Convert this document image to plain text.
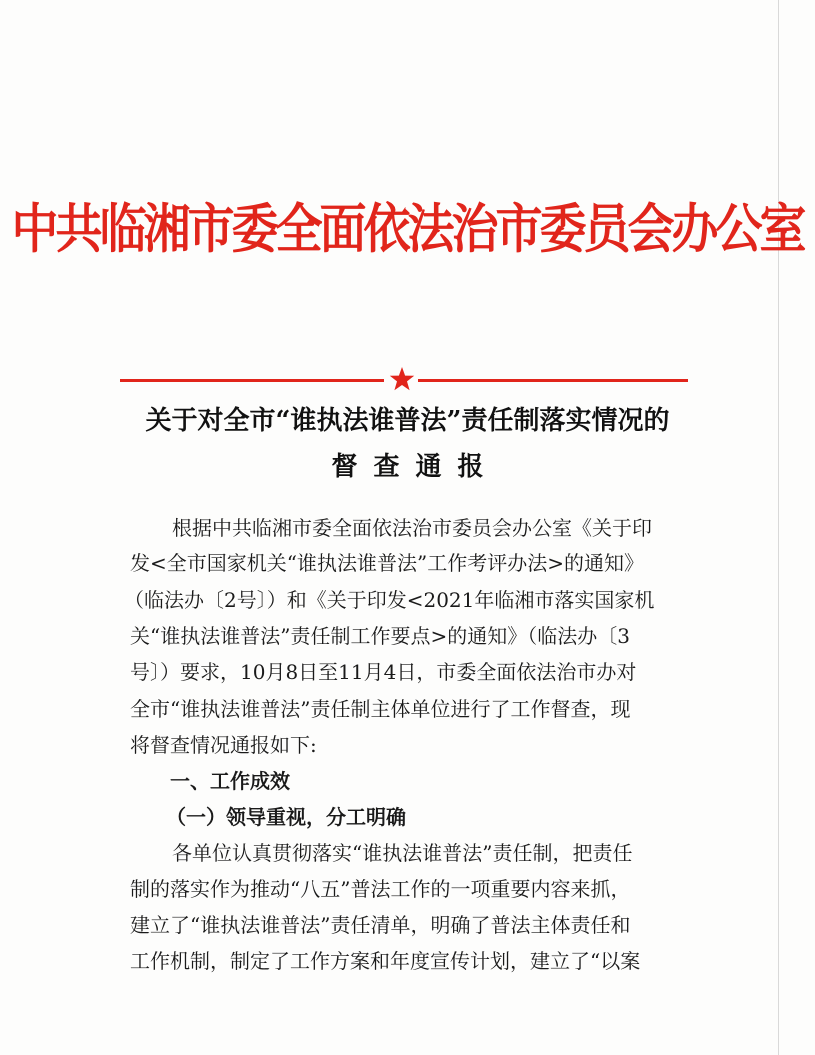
中共临湘市委全面依法治市委员会办公室
关于对全市“谁执法谁普法”责任制落实情况的
督查通报
根据中共临湘市委全面依法治市委员会办公室《关于印
发<全市国家机关“谁执法谁普法”工作考评办法>的通知》
（临法办〔2号〕）和《关于印发<2021年临湘市落实国家机
关“谁执法谁普法”责任制工作要点>的通知》（临法办〔3
号〕）要求，10月8日至11月4日，市委全面依法治市办对
全市“谁执法谁普法”责任制主体单位进行了工作督查，现
将督查情况通报如下:
一、工作成效
（一）领导重视，分工明确
各单位认真贯彻落实“谁执法谁普法”责任制，把责任
制的落实作为推动“八五”普法工作的一项重要内容来抓，
建立了“谁执法谁普法”责任清单，明确了普法主体责任和
工作机制，制定了工作方案和年度宣传计划，建立了“以案
